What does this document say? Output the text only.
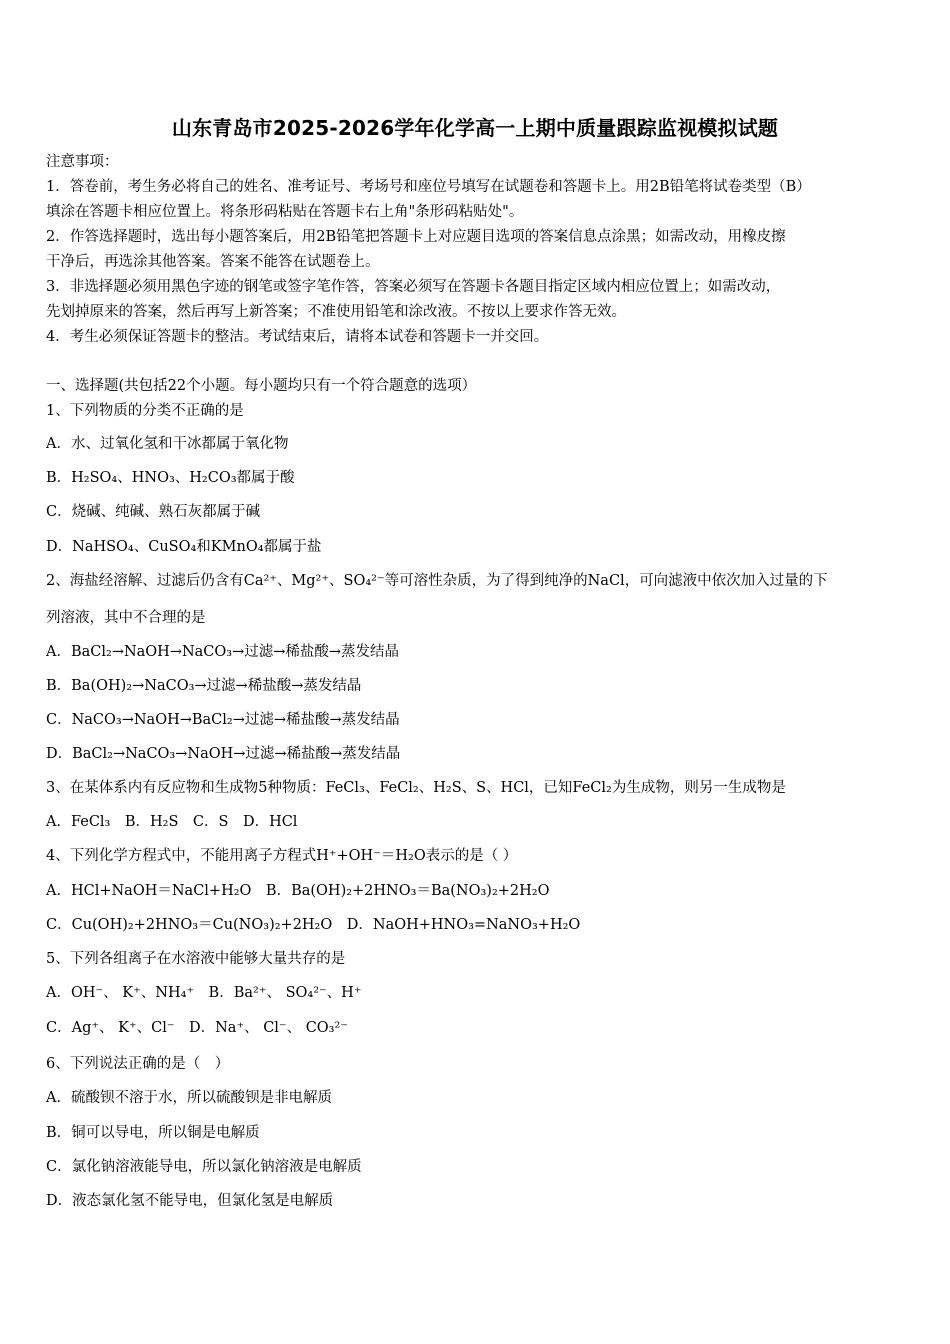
山东青岛市2025-2026学年化学高一上期中质量跟踪监视模拟试题
注意事项：
1．答卷前，考生务必将自己的姓名、准考证号、考场号和座位号填写在试题卷和答题卡上。用2B铅笔将试卷类型（B）
填涂在答题卡相应位置上。将条形码粘贴在答题卡右上角"条形码粘贴处"。
2．作答选择题时，选出每小题答案后，用2B铅笔把答题卡上对应题目选项的答案信息点涂黑；如需改动，用橡皮擦
干净后，再选涂其他答案。答案不能答在试题卷上。
3．非选择题必须用黑色字迹的钢笔或签字笔作答，答案必须写在答题卡各题目指定区域内相应位置上；如需改动，
先划掉原来的答案，然后再写上新答案；不准使用铅笔和涂改液。不按以上要求作答无效。
4．考生必须保证答题卡的整洁。考试结束后，请将本试卷和答题卡一并交回。
一、选择题(共包括22个小题。每小题均只有一个符合题意的选项）
1、下列物质的分类不正确的是
A．水、过氧化氢和干冰都属于氧化物
B．H₂SO₄、HNO₃、H₂CO₃都属于酸
C．烧碱、纯碱、熟石灰都属于碱
D．NaHSO₄、CuSO₄和KMnO₄都属于盐
2、海盐经溶解、过滤后仍含有Ca²⁺、Mg²⁺、SO₄²⁻等可溶性杂质，为了得到纯净的NaCl，可向滤液中依次加入过量的下
列溶液，其中不合理的是
A．BaCl₂→NaOH→NaCO₃→过滤→稀盐酸→蒸发结晶
B．Ba(OH)₂→NaCO₃→过滤→稀盐酸→蒸发结晶
C．NaCO₃→NaOH→BaCl₂→过滤→稀盐酸→蒸发结晶
D．BaCl₂→NaCO₃→NaOH→过滤→稀盐酸→蒸发结晶
3、在某体系内有反应物和生成物5种物质：FeCl₃、FeCl₂、H₂S、S、HCl，已知FeCl₂为生成物，则另一生成物是
A．FeCl₃　B．H₂S　C．S　D．HCl
4、下列化学方程式中，不能用离子方程式H⁺+OH⁻＝H₂O表示的是（ ）
A．HCl+NaOH＝NaCl+H₂O　B．Ba(OH)₂+2HNO₃＝Ba(NO₃)₂+2H₂O
C．Cu(OH)₂+2HNO₃＝Cu(NO₃)₂+2H₂O　D．NaOH+HNO₃=NaNO₃+H₂O
5、下列各组离子在水溶液中能够大量共存的是
A．OH⁻、 K⁺、NH₄⁺　B．Ba²⁺、 SO₄²⁻、H⁺
C．Ag⁺、 K⁺、Cl⁻　D．Na⁺、 Cl⁻、 CO₃²⁻
6、下列说法正确的是（　）
A．硫酸钡不溶于水，所以硫酸钡是非电解质
B．铜可以导电，所以铜是电解质
C．氯化钠溶液能导电，所以氯化钠溶液是电解质
D．液态氯化氢不能导电，但氯化氢是电解质
